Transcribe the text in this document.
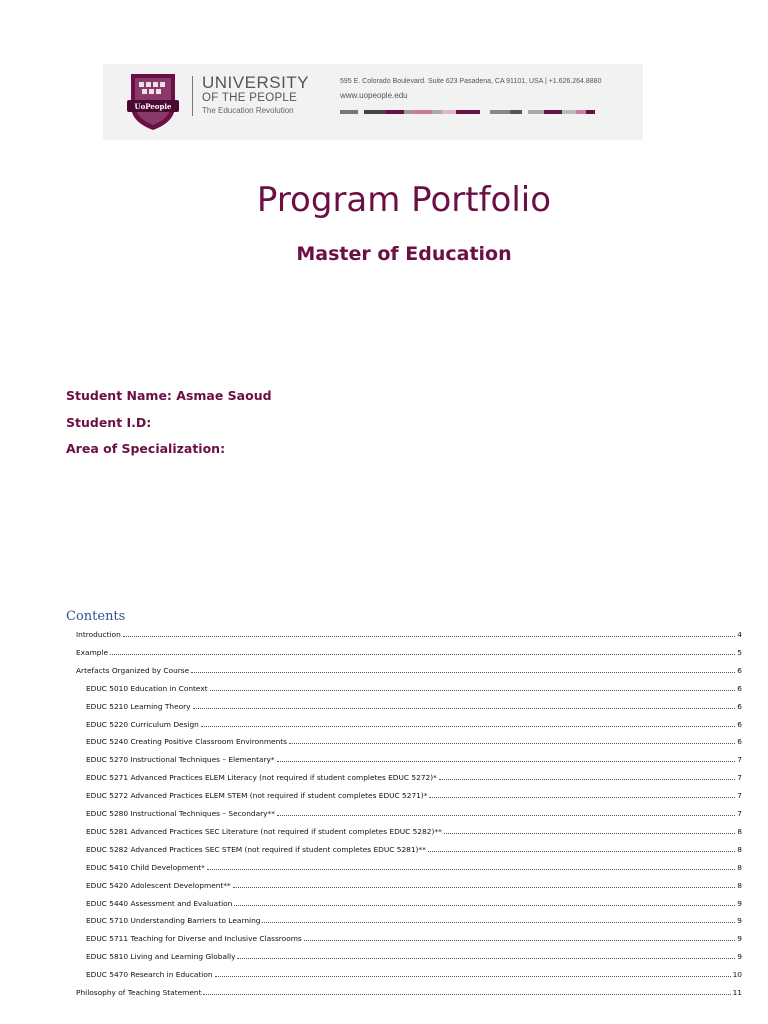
UoPeople
UNIVERSITY
OF THE PEOPLE
The Education Revolution
595 E. Colorado Boulevard. Suite 623 Pasadena, CA 91101, USA | +1.626.264.8880
www.uopeople.edu
Program Portfolio
Master of Education
Student Name: Asmae Saoud
Student I.D:
Area of Specialization:
Contents
Introduction	4
Example	5
Artefacts Organized by Course	6
EDUC 5010 Education in Context	6
EDUC 5210 Learning Theory	6
EDUC 5220 Curriculum Design	6
EDUC 5240 Creating Positive Classroom Environments	6
EDUC 5270 Instructional Techniques – Elementary*	7
EDUC 5271 Advanced Practices ELEM Literacy (not required if student completes EDUC 5272)*	7
EDUC 5272 Advanced Practices ELEM STEM (not required if student completes EDUC 5271)*	7
EDUC 5280 Instructional Techniques – Secondary**	7
EDUC 5281 Advanced Practices SEC Literature (not required if student completes EDUC 5282)**	8
EDUC 5282 Advanced Practices SEC STEM (not required if student completes EDUC 5281)**	8
EDUC 5410 Child Development*	8
EDUC 5420 Adolescent Development**	8
EDUC 5440 Assessment and Evaluation	9
EDUC 5710 Understanding Barriers to Learning	9
EDUC 5711 Teaching for Diverse and Inclusive Classrooms	9
EDUC 5810 Living and Learning Globally	9
EDUC 5470 Research in Education	10
Philosophy of Teaching Statement	11
